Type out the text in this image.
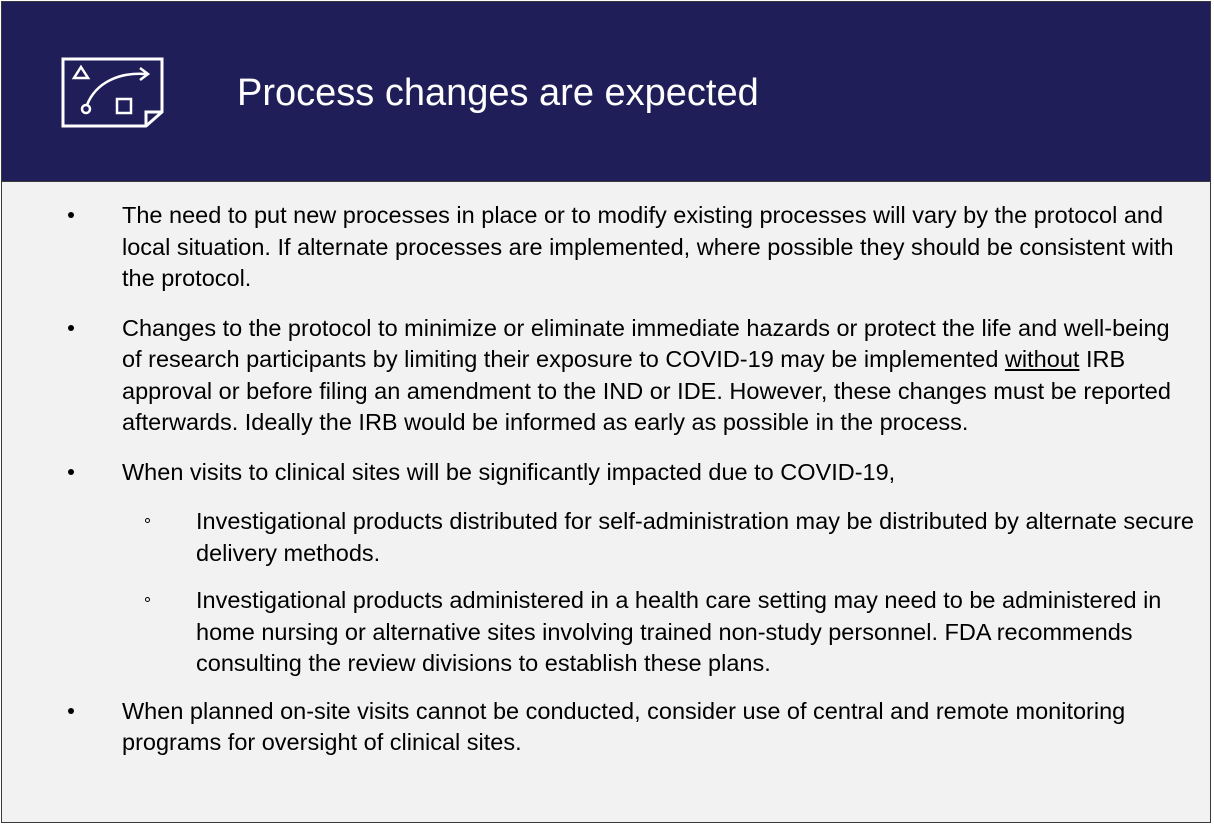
Process changes are expected
The need to put new processes in place or to modify existing processes will vary by the protocol and local situation. If alternate processes are implemented, where possible they should be consistent with the protocol.
Changes to the protocol to minimize or eliminate immediate hazards or protect the life and well-being of research participants by limiting their exposure to COVID-19 may be implemented without IRB approval or before filing an amendment to the IND or IDE. However, these changes must be reported afterwards. Ideally the IRB would be informed as early as possible in the process.
When visits to clinical sites will be significantly impacted due to COVID-19,
Investigational products distributed for self-administration may be distributed by alternate secure delivery methods.
Investigational products administered in a health care setting may need to be administered in home nursing or alternative sites involving trained non-study personnel. FDA recommends consulting the review divisions to establish these plans.
When planned on-site visits cannot be conducted, consider use of central and remote monitoring programs for oversight of clinical sites.
